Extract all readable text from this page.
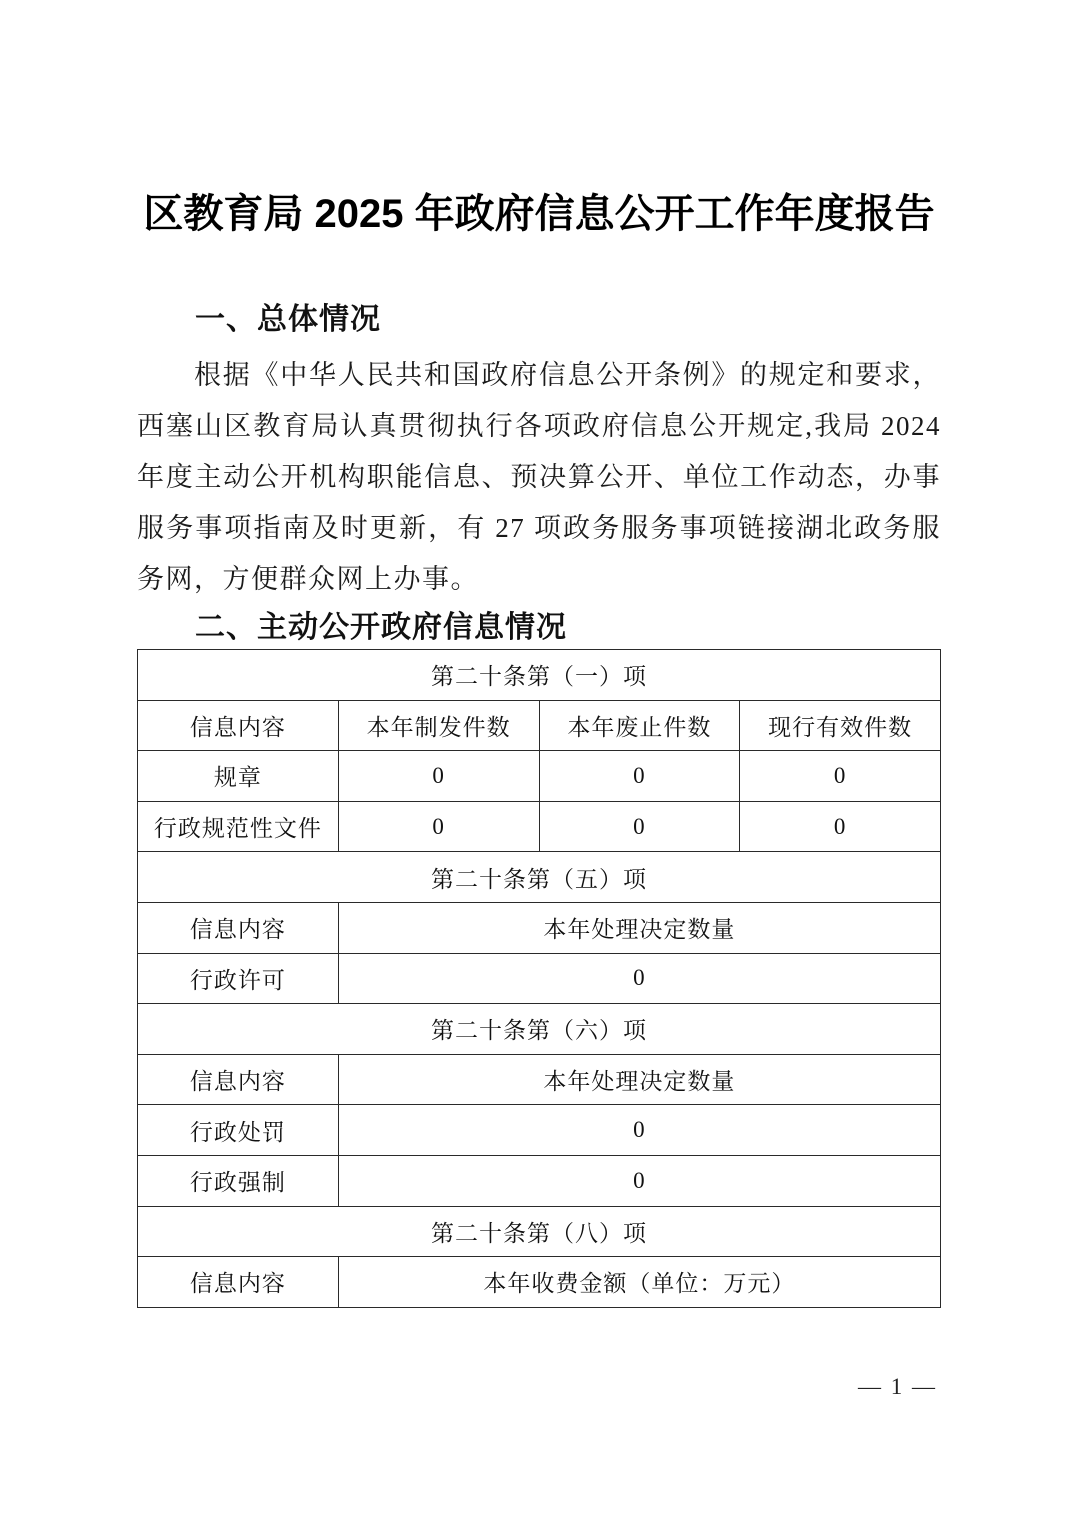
区教育局 2025 年政府信息公开工作年度报告
一、总体情况
根据《中华人民共和国政府信息公开条例》的规定和要求，
西塞山区教育局认真贯彻执行各项政府信息公开规定,我局 2024
年度主动公开机构职能信息、预决算公开、单位工作动态，办事
服务事项指南及时更新，有 27 项政务服务事项链接湖北政务服
务网，方便群众网上办事。
二、主动公开政府信息情况
第二十条第（一）项			
信息内容	本年制发件数	本年废止件数	现行有效件数
规章	0	0	0
行政规范性文件	0	0	0
第二十条第（五）项			
信息内容	本年处理决定数量		
行政许可	0		
第二十条第（六）项			
信息内容	本年处理决定数量		
行政处罚	0		
行政强制	0		
第二十条第（八）项			
信息内容	本年收费金额（单位：万元）		
— 1 —
